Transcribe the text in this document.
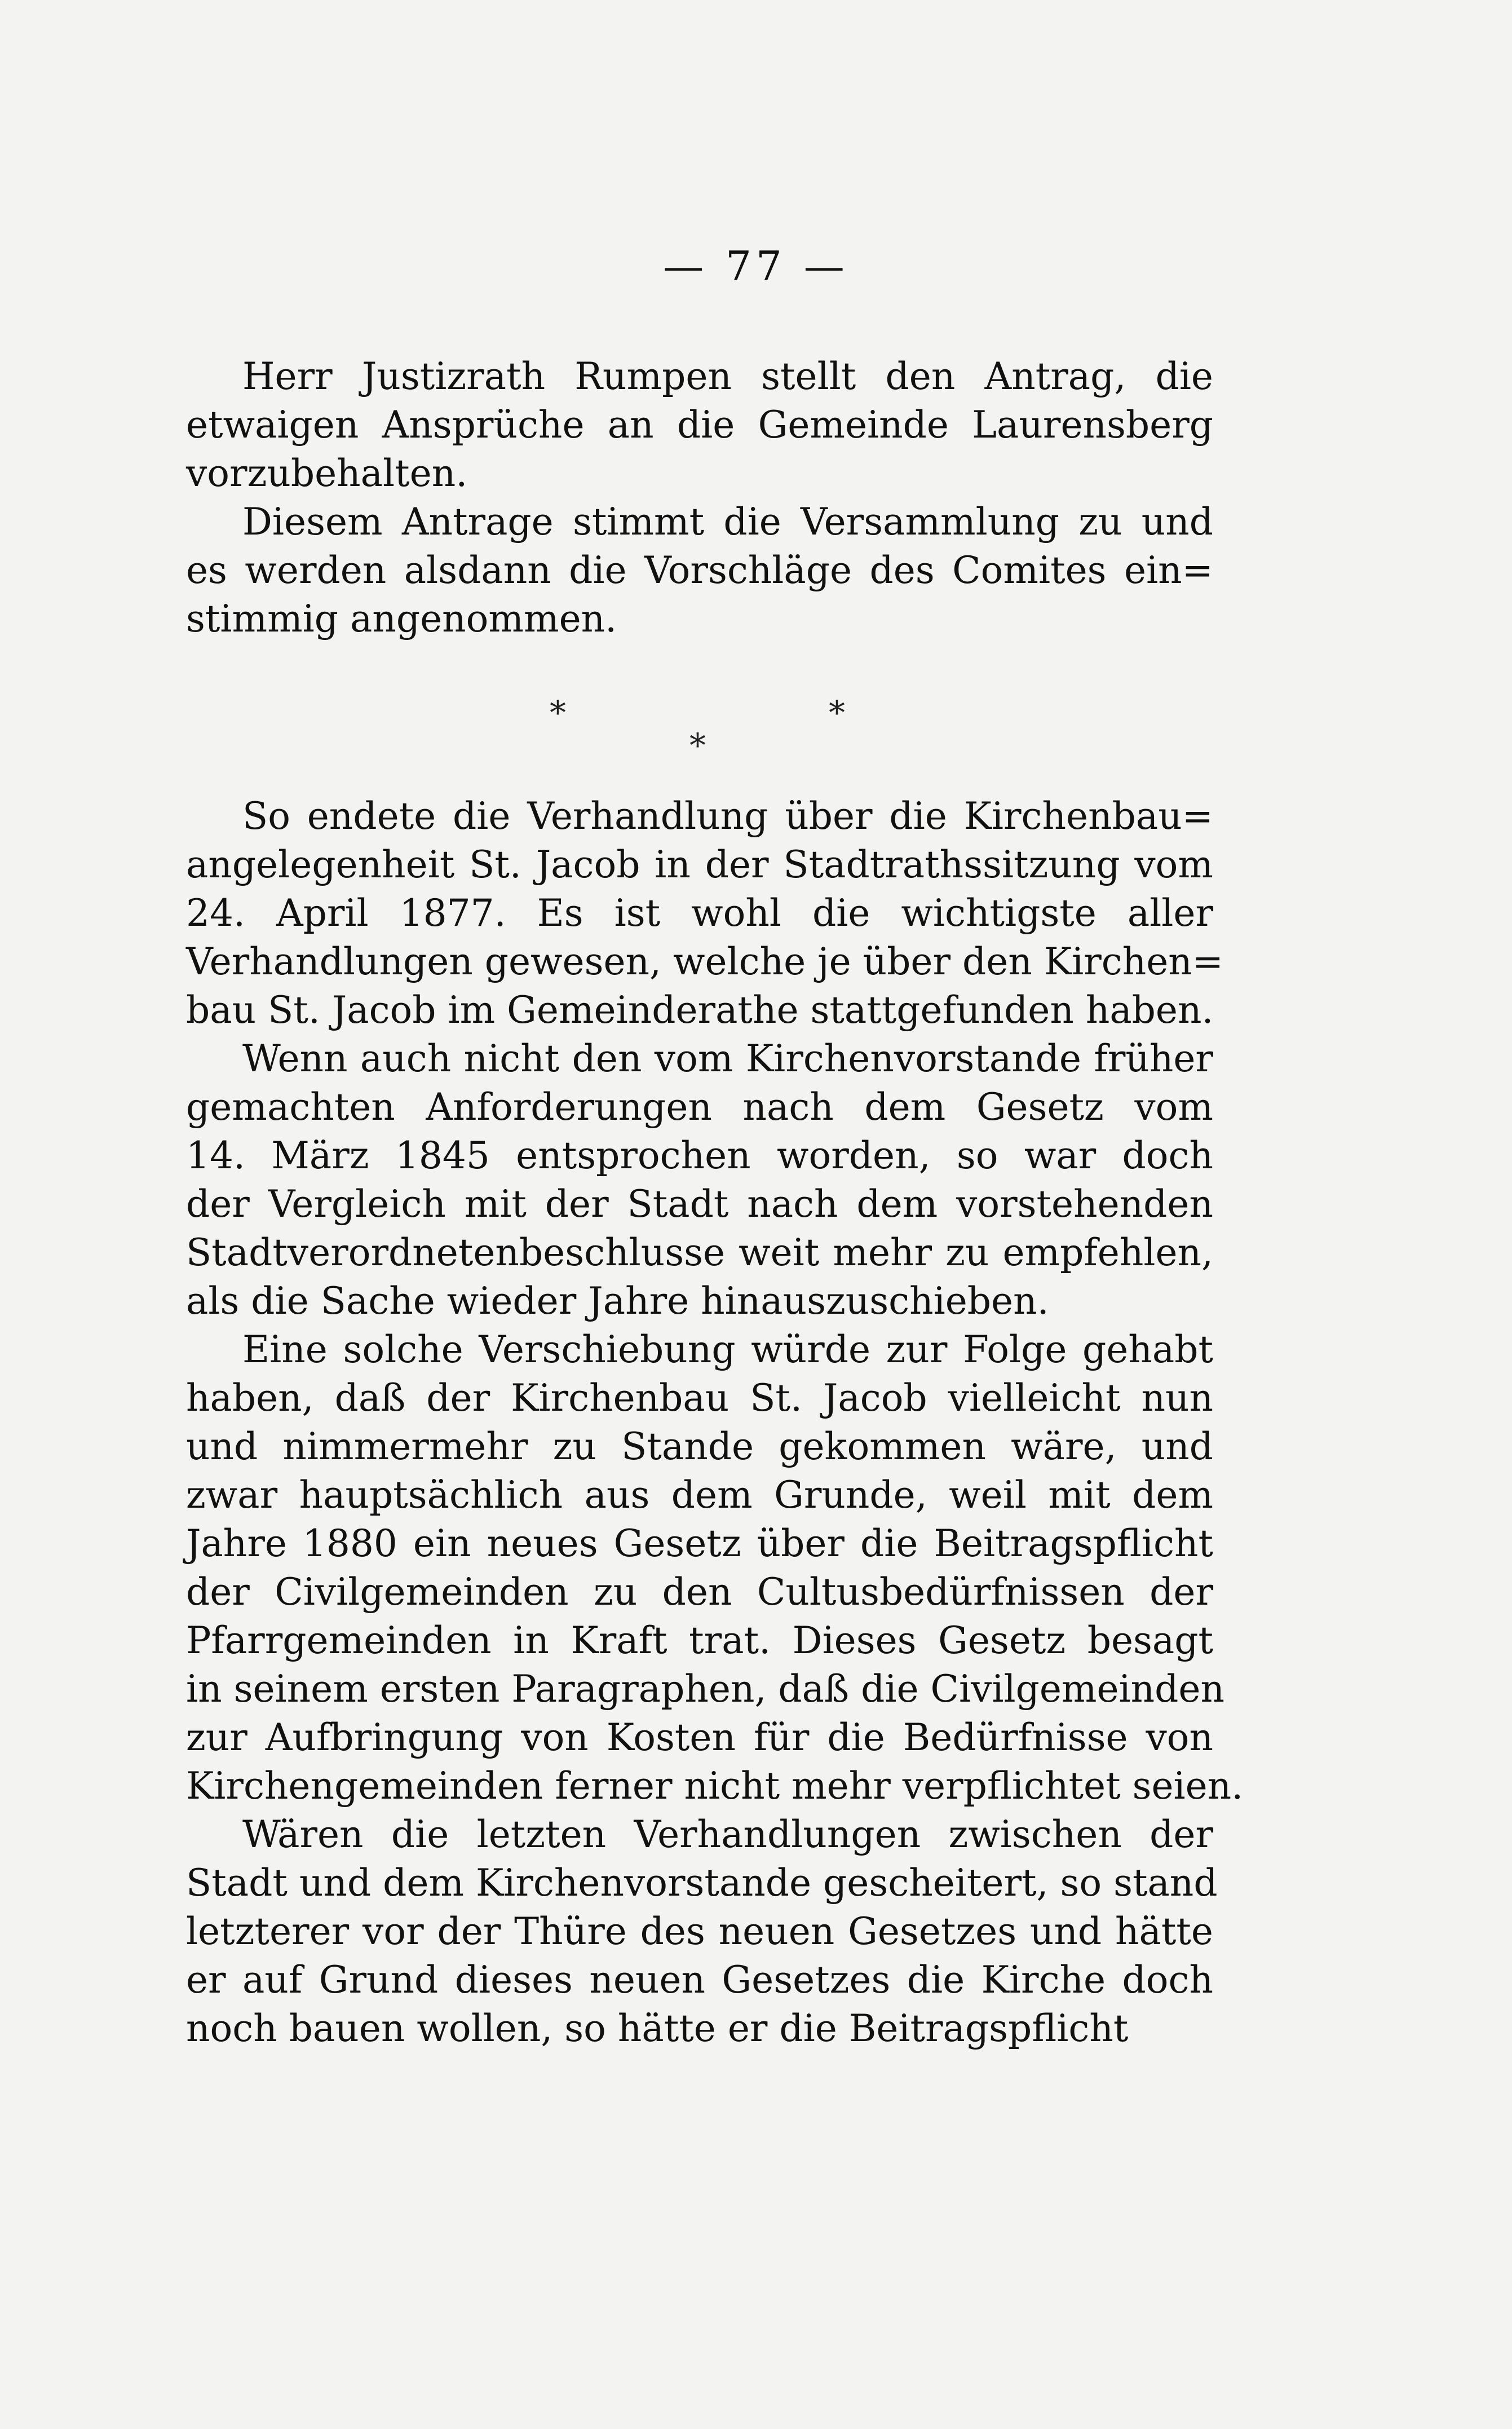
— 77 —
Herr Justizrath Rumpen stellt den Antrag, die
etwaigen Ansprüche an die Gemeinde Laurensberg
vorzubehalten.
Diesem Antrage stimmt die Versammlung zu und
es werden alsdann die Vorschläge des Comites ein=
stimmig angenommen.
*
*
*
So endete die Verhandlung über die Kirchenbau=
angelegenheit St. Jacob in der Stadtrathssitzung vom
24. April 1877. Es ist wohl die wichtigste aller
Verhandlungen gewesen, welche je über den Kirchen=
bau St. Jacob im Gemeinderathe stattgefunden haben.
Wenn auch nicht den vom Kirchenvorstande früher
gemachten Anforderungen nach dem Gesetz vom
14. März 1845 entsprochen worden, so war doch
der Vergleich mit der Stadt nach dem vorstehenden
Stadtverordnetenbeschlusse weit mehr zu empfehlen,
als die Sache wieder Jahre hinauszuschieben.
Eine solche Verschiebung würde zur Folge gehabt
haben, daß der Kirchenbau St. Jacob vielleicht nun
und nimmermehr zu Stande gekommen wäre, und
zwar hauptsächlich aus dem Grunde, weil mit dem
Jahre 1880 ein neues Gesetz über die Beitragspflicht
der Civilgemeinden zu den Cultusbedürfnissen der
Pfarrgemeinden in Kraft trat. Dieses Gesetz besagt
in seinem ersten Paragraphen, daß die Civilgemeinden
zur Aufbringung von Kosten für die Bedürfnisse von
Kirchengemeinden ferner nicht mehr verpflichtet seien.
Wären die letzten Verhandlungen zwischen der
Stadt und dem Kirchenvorstande gescheitert, so stand
letzterer vor der Thüre des neuen Gesetzes und hätte
er auf Grund dieses neuen Gesetzes die Kirche doch
noch bauen wollen, so hätte er die Beitragspflicht
